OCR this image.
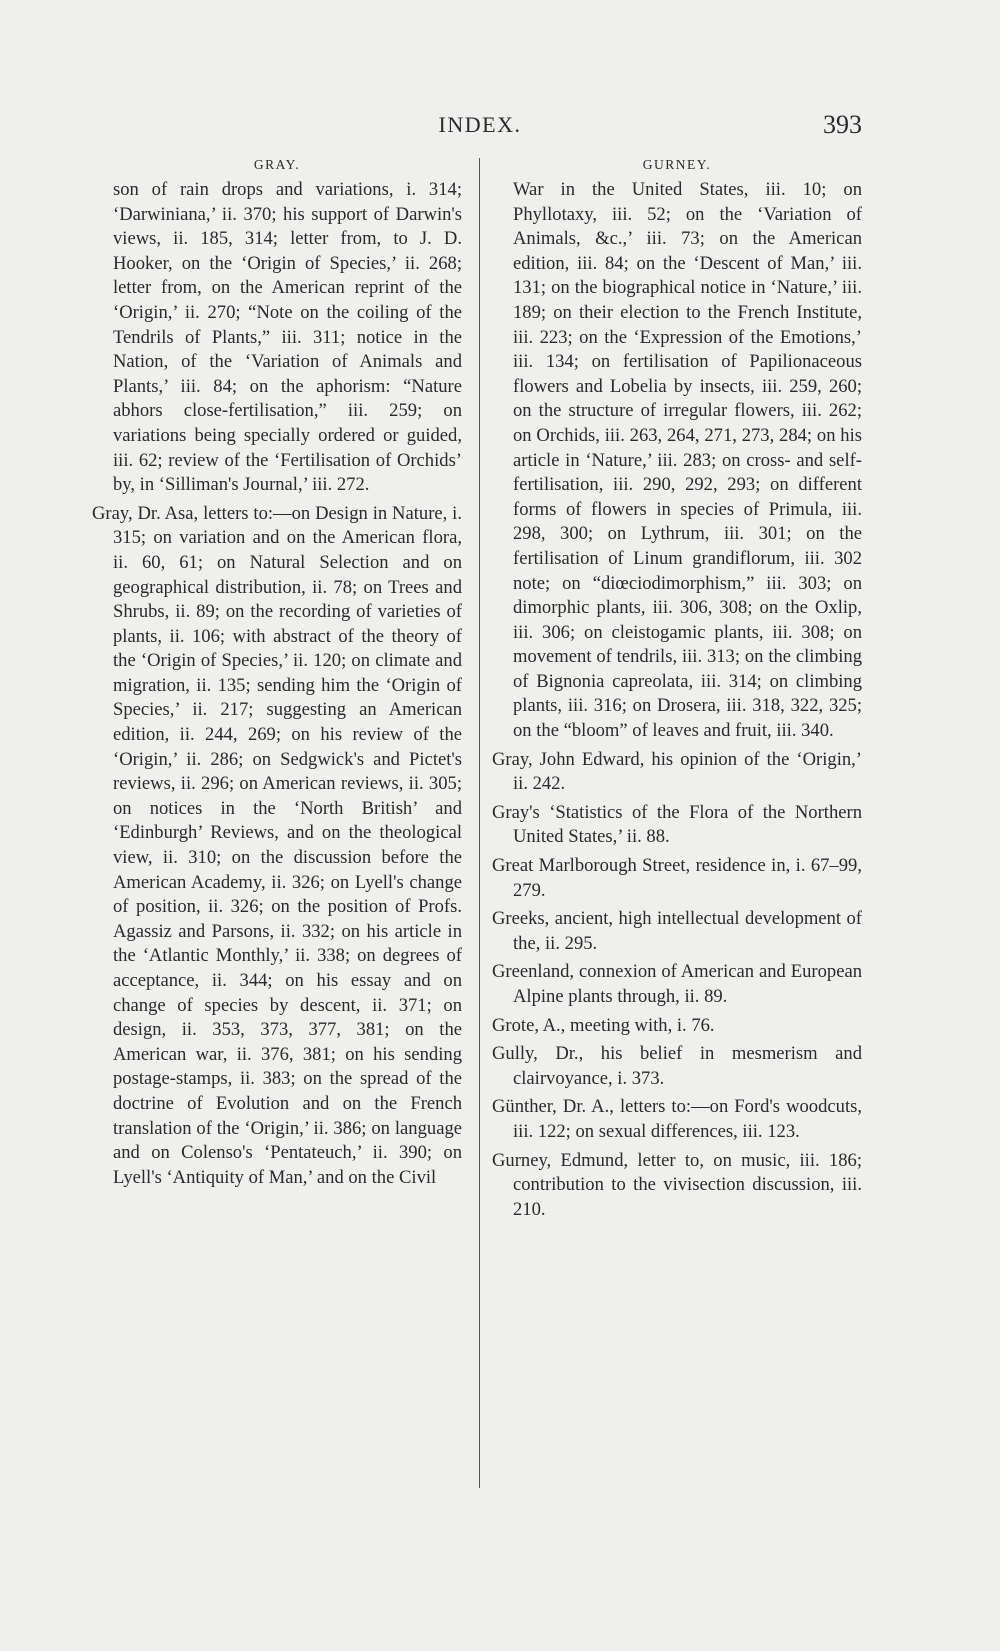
INDEX.	393
GRAY.

son of rain drops and variations, i. 314; ‘Darwiniana,’ ii. 370; his support of Darwin's views, ii. 185, 314; letter from, to J. D. Hooker, on the ‘Origin of Species,’ ii. 268; letter from, on the American reprint of the ‘Origin,’ ii. 270; “Note on the coiling of the Tendrils of Plants,” iii. 311; notice in the Nation, of the ‘Variation of Animals and Plants,’ iii. 84; on the aphorism: “Nature abhors close-fertilisation,” iii. 259; on variations being specially ordered or guided, iii. 62; review of the ‘Fertilisation of Orchids’ by, in ‘Silliman's Journal,’ iii. 272.

Gray, Dr. Asa, letters to:—on Design in Nature, i. 315; on variation and on the American flora, ii. 60, 61; on Natural Selection and on geographical distribution, ii. 78; on Trees and Shrubs, ii. 89; on the recording of varieties of plants, ii. 106; with abstract of the theory of the ‘Origin of Species,’ ii. 120; on climate and migration, ii. 135; sending him the ‘Origin of Species,’ ii. 217; suggesting an American edition, ii. 244, 269; on his review of the ‘Origin,’ ii. 286; on Sedgwick's and Pictet's reviews, ii. 296; on American reviews, ii. 305; on notices in the ‘North British’ and ‘Edinburgh’ Reviews, and on the theological view, ii. 310; on the discussion before the American Academy, ii. 326; on Lyell's change of position, ii. 326; on the position of Profs. Agassiz and Parsons, ii. 332; on his article in the ‘Atlantic Monthly,’ ii. 338; on degrees of acceptance, ii. 344; on his essay and on change of species by descent, ii. 371; on design, ii. 353, 373, 377, 381; on the American war, ii. 376, 381; on his sending postage-stamps, ii. 383; on the spread of the doctrine of Evolution and on the French translation of the ‘Origin,’ ii. 386; on language and on Colenso's ‘Pentateuch,’ ii. 390; on Lyell's ‘Antiquity of Man,’ and on the Civil

GURNEY.

War in the United States, iii. 10; on Phyllotaxy, iii. 52; on the ‘Variation of Animals, &c.,’ iii. 73; on the American edition, iii. 84; on the ‘Descent of Man,’ iii. 131; on the biographical notice in ‘Nature,’ iii. 189; on their election to the French Institute, iii. 223; on the ‘Expression of the Emotions,’ iii. 134; on fertilisation of Papilionaceous flowers and Lobelia by insects, iii. 259, 260; on the structure of irregular flowers, iii. 262; on Orchids, iii. 263, 264, 271, 273, 284; on his article in ‘Nature,’ iii. 283; on cross- and self-fertilisation, iii. 290, 292, 293; on different forms of flowers in species of Primula, iii. 298, 300; on Lythrum, iii. 301; on the fertilisation of Linum grandiflorum, iii. 302 note; on “diœciodimorphism,” iii. 303; on dimorphic plants, iii. 306, 308; on the Oxlip, iii. 306; on cleistogamic plants, iii. 308; on movement of tendrils, iii. 313; on the climbing of Bignonia capreolata, iii. 314; on climbing plants, iii. 316; on Drosera, iii. 318, 322, 325; on the “bloom” of leaves and fruit, iii. 340.

Gray, John Edward, his opinion of the ‘Origin,’ ii. 242.

Gray's ‘Statistics of the Flora of the Northern United States,’ ii. 88.

Great Marlborough Street, residence in, i. 67–99, 279.

Greeks, ancient, high intellectual development of the, ii. 295.

Greenland, connexion of American and European Alpine plants through, ii. 89.

Grote, A., meeting with, i. 76.

Gully, Dr., his belief in mesmerism and clairvoyance, i. 373.

Günther, Dr. A., letters to:—on Ford's woodcuts, iii. 122; on sexual differences, iii. 123.

Gurney, Edmund, letter to, on music, iii. 186; contribution to the vivisection discussion, iii. 210.
